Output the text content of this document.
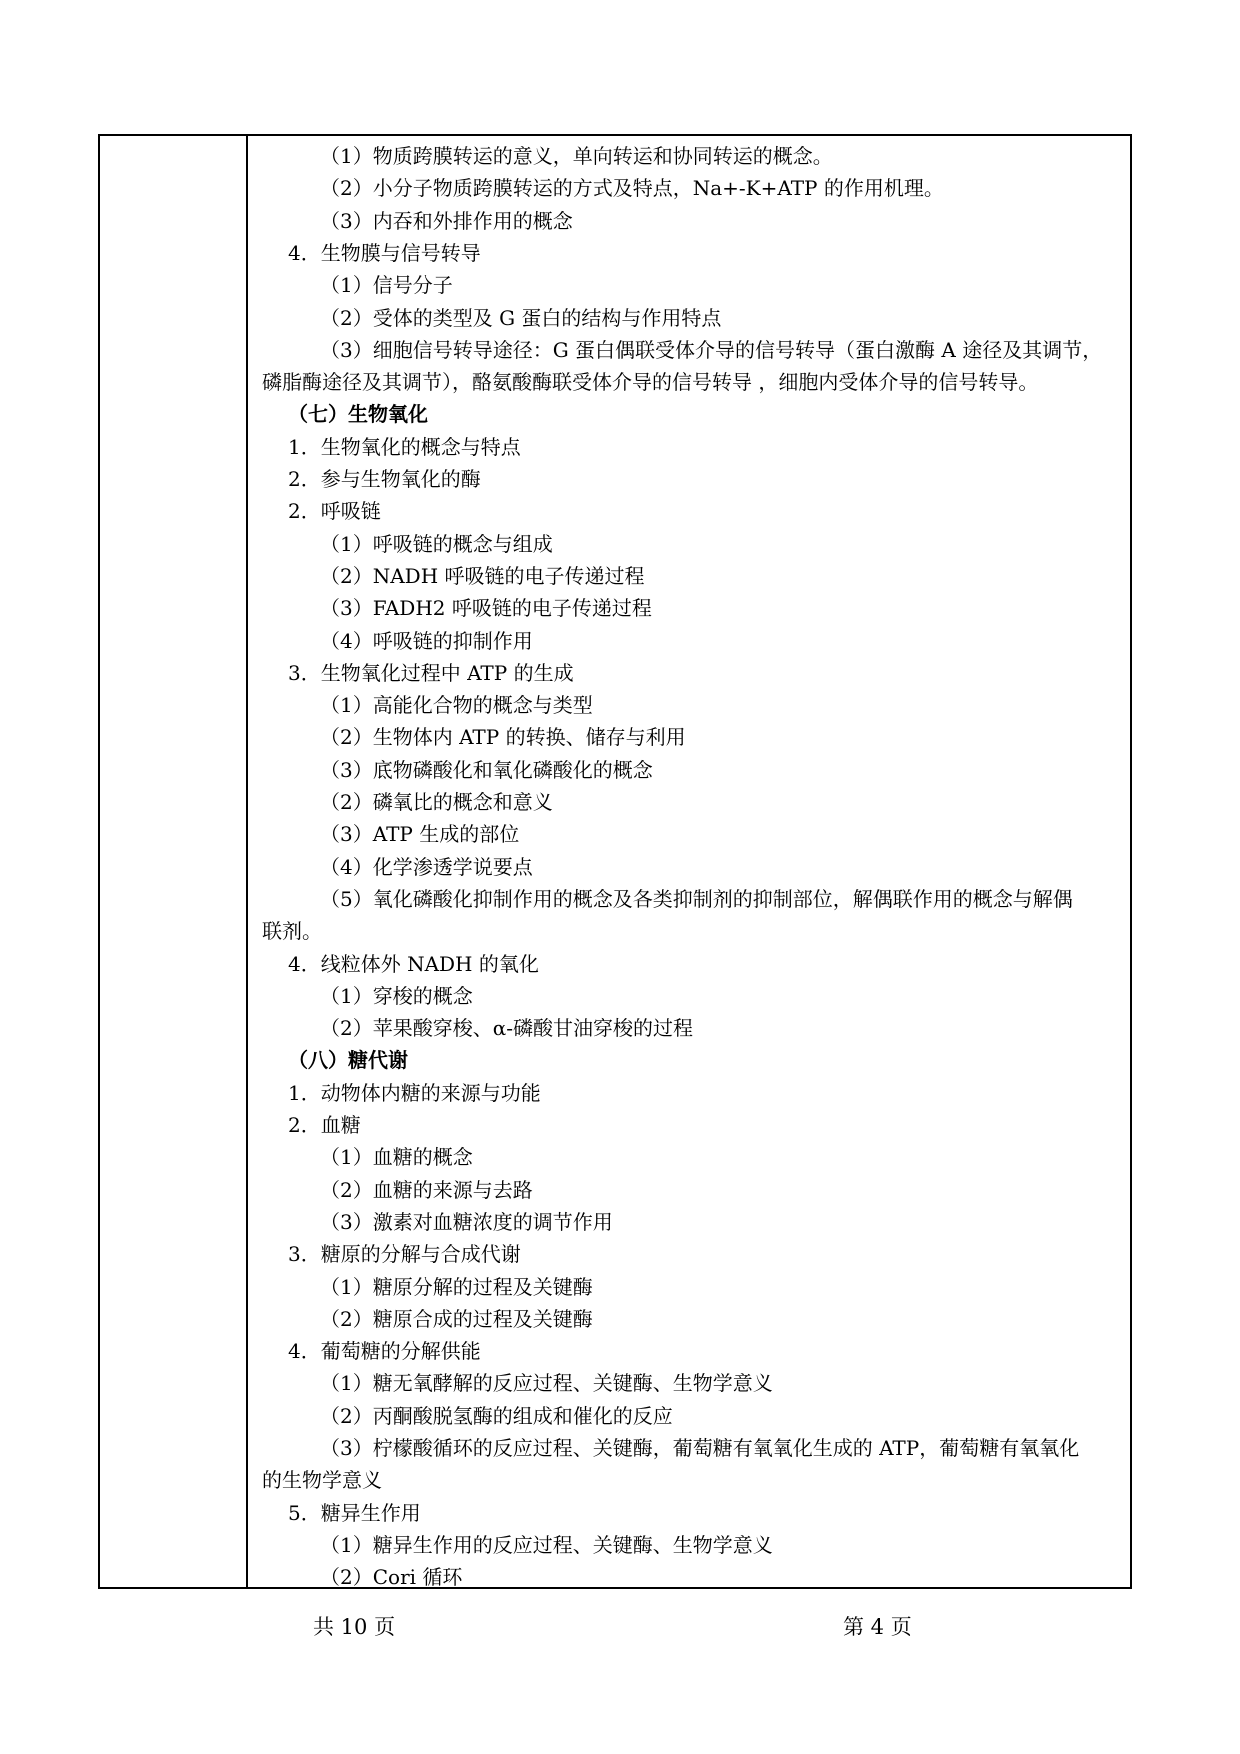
（1）物质跨膜转运的意义，单向转运和协同转运的概念。
（2）小分子物质跨膜转运的方式及特点，Na+-K+ATP 的作用机理。
（3）内吞和外排作用的概念
4．生物膜与信号转导
（1）信号分子
（2）受体的类型及 G 蛋白的结构与作用特点
（3）细胞信号转导途径：G 蛋白偶联受体介导的信号转导（蛋白激酶 A 途径及其调节，
磷脂酶途径及其调节），酪氨酸酶联受体介导的信号转导 ，细胞内受体介导的信号转导。
（七）生物氧化
1．生物氧化的概念与特点
2．参与生物氧化的酶
2．呼吸链
（1）呼吸链的概念与组成
（2）NADH 呼吸链的电子传递过程
（3）FADH2 呼吸链的电子传递过程
（4）呼吸链的抑制作用
3．生物氧化过程中 ATP 的生成
（1）高能化合物的概念与类型
（2）生物体内 ATP 的转换、储存与利用
（3）底物磷酸化和氧化磷酸化的概念
（2）磷氧比的概念和意义
（3）ATP 生成的部位
（4）化学渗透学说要点
（5）氧化磷酸化抑制作用的概念及各类抑制剂的抑制部位，解偶联作用的概念与解偶
联剂。
4．线粒体外 NADH 的氧化
（1）穿梭的概念
（2）苹果酸穿梭、α-磷酸甘油穿梭的过程
（八）糖代谢
1．动物体内糖的来源与功能
2．血糖
（1）血糖的概念
（2）血糖的来源与去路
（3）激素对血糖浓度的调节作用
3．糖原的分解与合成代谢
（1）糖原分解的过程及关键酶
（2）糖原合成的过程及关键酶
4．葡萄糖的分解供能
（1）糖无氧酵解的反应过程、关键酶、生物学意义
（2）丙酮酸脱氢酶的组成和催化的反应
（3）柠檬酸循环的反应过程、关键酶，葡萄糖有氧氧化生成的 ATP，葡萄糖有氧氧化
的生物学意义
5．糖异生作用
（1）糖异生作用的反应过程、关键酶、生物学意义
（2）Cori 循环
共 10 页	第 4 页
